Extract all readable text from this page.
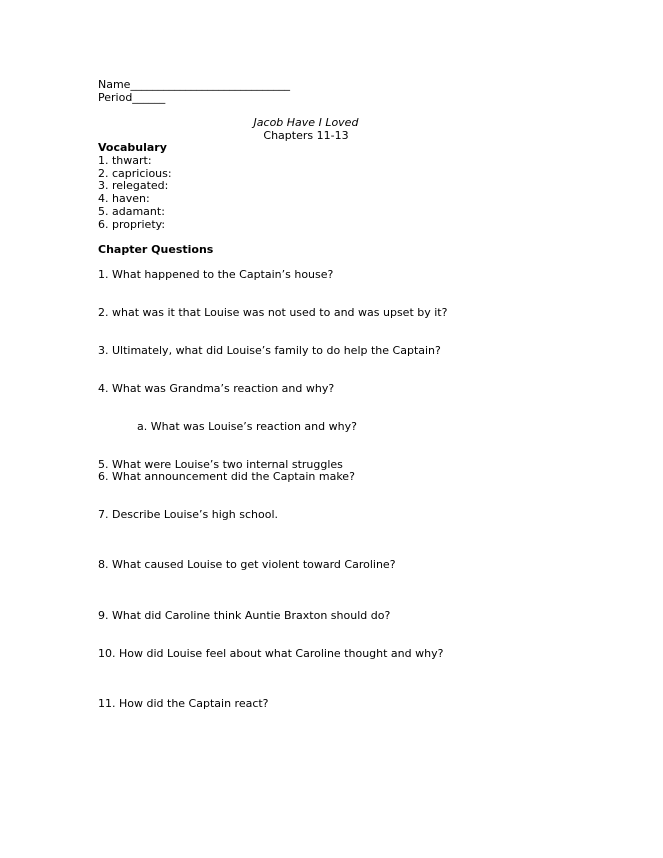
Name_____________________________
Period______
Jacob Have I Loved
Chapters 11-13
Vocabulary
1. thwart:
2. capricious:
3. relegated:
4. haven:
5. adamant:
6. propriety:
Chapter Questions
1. What happened to the Captain’s house?
2. what was it that Louise was not used to and was upset by it?
3. Ultimately, what did Louise’s family to do help the Captain?
4. What was Grandma’s reaction and why?
a. What was Louise’s reaction and why?
5. What were Louise’s two internal struggles
6. What announcement did the Captain make?
7. Describe Louise’s high school.
8. What caused Louise to get violent toward Caroline?
9. What did Caroline think Auntie Braxton should do?
10. How did Louise feel about what Caroline thought and why?
11. How did the Captain react?
